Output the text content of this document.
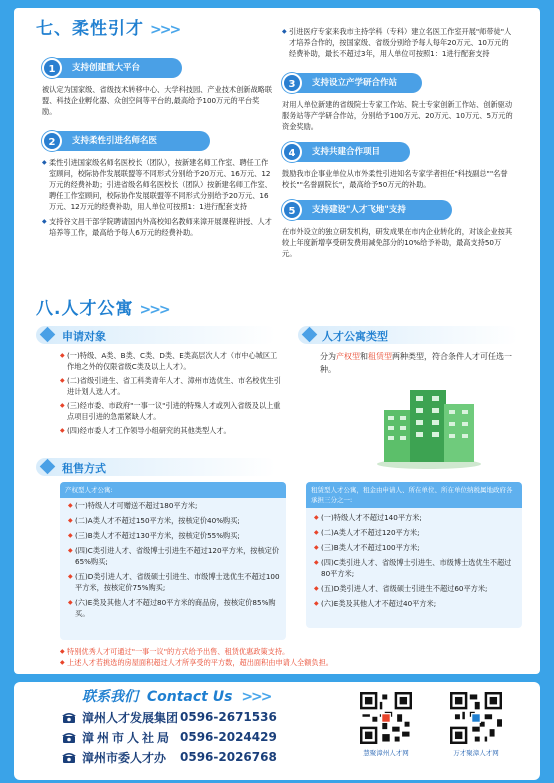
七、柔性引才 >>>
1	支持创建重大平台
被认定为国家级、省级技术转移中心、大学科技园、产业技术创新战略联盟、科技企业孵化器、众创空间等平台的,最高给予100万元的平台奖励。
2	支持柔性引进名师名医
◆ 柔性引进国家级名师名医校长（团队），按新建名师工作室、聘任工作室顾问，校际协作发展联盟等不同形式分别给予20万元、16万元、12万元的经费补助；引进省级名师名医校长（团队）按新建名师工作室、聘任工作室顾问，校际协作发展联盟等不同形式分别给予20万元、16万元、12万元的经费补助，用人单位可按照1：1进行配套支持
◆ 支持谷文昌干部学院聘请国内外高校知名教师来漳开展课程讲授、人才培养等工作，最高给予每人6万元的经费补助。
◆ 引进医疗专家来我市主持学科（专科）建立名医工作室开展"师带徒"人才培养合作的，按国家级、省级分别给予每人每年20万元、10万元的经费补助，最长不超过3年，用人单位可按照1：1进行配套支持
3	支持设立产学研合作站
对用人单位新建的省级院士专家工作站、院士专家创新工作站、创新驱动服务站等产学研合作站，分别给予100万元、20万元、10万元、5万元的资金奖励。
4	支持共建合作项目
鼓励我市企事业单位从市外柔性引进知名专家学者担任"科技副总""名誉校长""名誉副院长"，最高给予50万元的补助。
5	支持建设"人才飞地"支持
在市外设立的独立研发机构，研发成果在市内企业转化的，对该企业按其较上年度新增享受研发费用减免部分的10%给予补助，最高支持50万元。
八.人才公寓 >>>
申请对象
◆ (一)特级、A类、B类、C类、D类、E类高层次人才（市中心城区工作地之外的仅限省级C类及以上人才）。
◆ (二)省级引进生、省工科类青年人才、漳州市选优生、市名校优生引进计划人选人才。
◆ (三)经市委、市政府"一事一议"引进的特殊人才或列入省级及以上重点项目引进的急需紧缺人才。
◆ (四)经市委人才工作领导小组研究的其他类型人才。
人才公寓类型
分为产权型和租赁型两种类型，符合条件人才可任选一种。
租售方式
产权型人才公寓:
◆ (一)特级人才可赠送不超过180平方米;
◆ (二)A类人才不超过150平方米，按核定价40%购买;
◆ (三)B类人才不超过130平方米，按核定价55%购买;
◆ (四)C类引进人才、省级博士引进生不超过120平方米，按核定价65%购买;
◆ (五)D类引进人才、省级硕士引进生、市级博士选优生不超过100平方米，按核定价75%购买;
◆ (六)E类及其他人才不超过80平方米的商品房，按核定价85%购买。
租赁型人才公寓，租金由申请人、所在单位、所在单位纳税属地政府各承担三分之一:
◆ (一)特级人才不超过140平方米;
◆ (二)A类人才不超过120平方米;
◆ (三)B类人才不超过100平方米;
◆ (四)C类引进人才、省级博士引进生、市级博士选优生不超过80平方米;
◆ (五)D类引进人才、省级硕士引进生不超过60平方米;
◆ (六)E类及其他人才不超过40平方米;
◆ 特别优秀人才可通过"一事一议"的方式给予出售、租赁优惠政策支持。
◆ 上述人才若挑选的房屋面积超过人才所享受的平方数，超出面积由申请人全额负担。
联系我们 Contact Us >>>
漳州人才发展集团 0596-2671536
漳州市人社局 0596-2024429
漳州市委人才办	0596-2026768	慧聚漳州人才网	万才聚漳人才网
